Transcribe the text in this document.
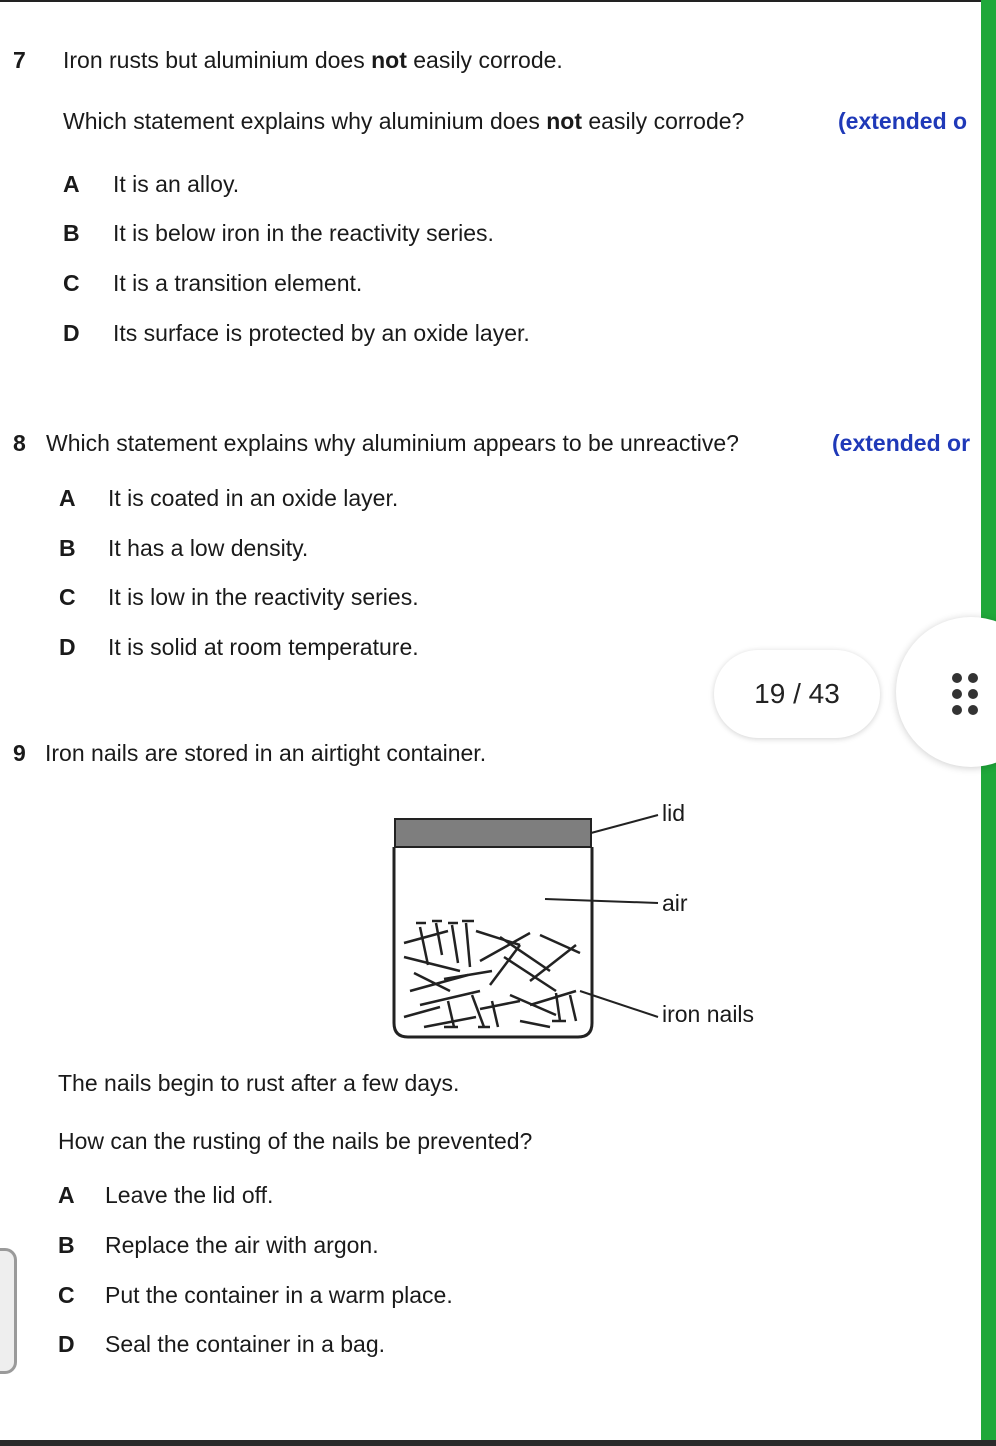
7 Iron rusts but aluminium does not easily corrode.
Which statement explains why aluminium does not easily corrode?	(extended o
A It is an alloy.
B It is below iron in the reactivity series.
C It is a transition element.
D Its surface is protected by an oxide layer.
8 Which statement explains why aluminium appears to be unreactive?	(extended or
A It is coated in an oxide layer.
B It has a low density.
C It is low in the reactivity series.
D It is solid at room temperature.
19 / 43
9 Iron nails are stored in an airtight container.
lid
air
iron nails
The nails begin to rust after a few days.
How can the rusting of the nails be prevented?
A Leave the lid off.
B Replace the air with argon.
C Put the container in a warm place.
D Seal the container in a bag.
